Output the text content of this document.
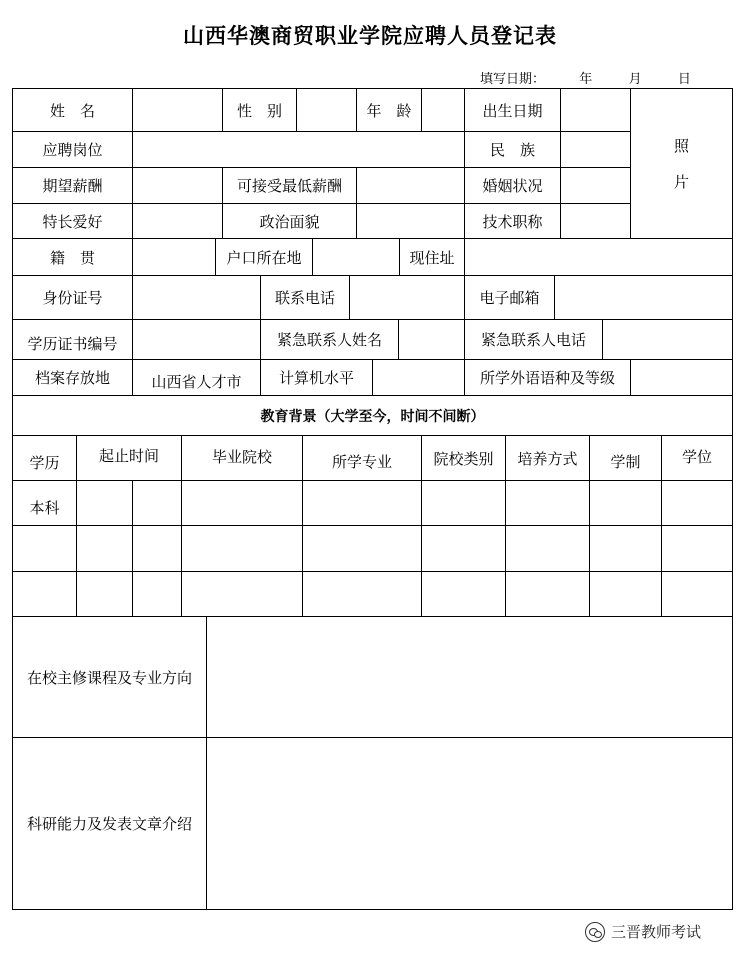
山西华澳商贸职业学院应聘人员登记表
填写日期：	年	月	日
姓　名	性　别	年　龄	出生日期
照
片
应聘岗位	民　族
期望薪酬	可接受最低薪酬	婚姻状况
特长爱好	政治面貌	技术职称
籍　贯	户口所在地	现住址
身份证号	联系电话	电子邮箱
学历证书编号	紧急联系人姓名	紧急联系人电话
档案存放地	山西省人才市	计算机水平	所学外语语种及等级
教育背景（大学至今，时间不间断）
学历	起止时间	毕业院校	所学专业	院校类别	培养方式	学制	学位
本科
在校主修课程及专业方向
科研能力及发表文章介绍
三晋教师考试
